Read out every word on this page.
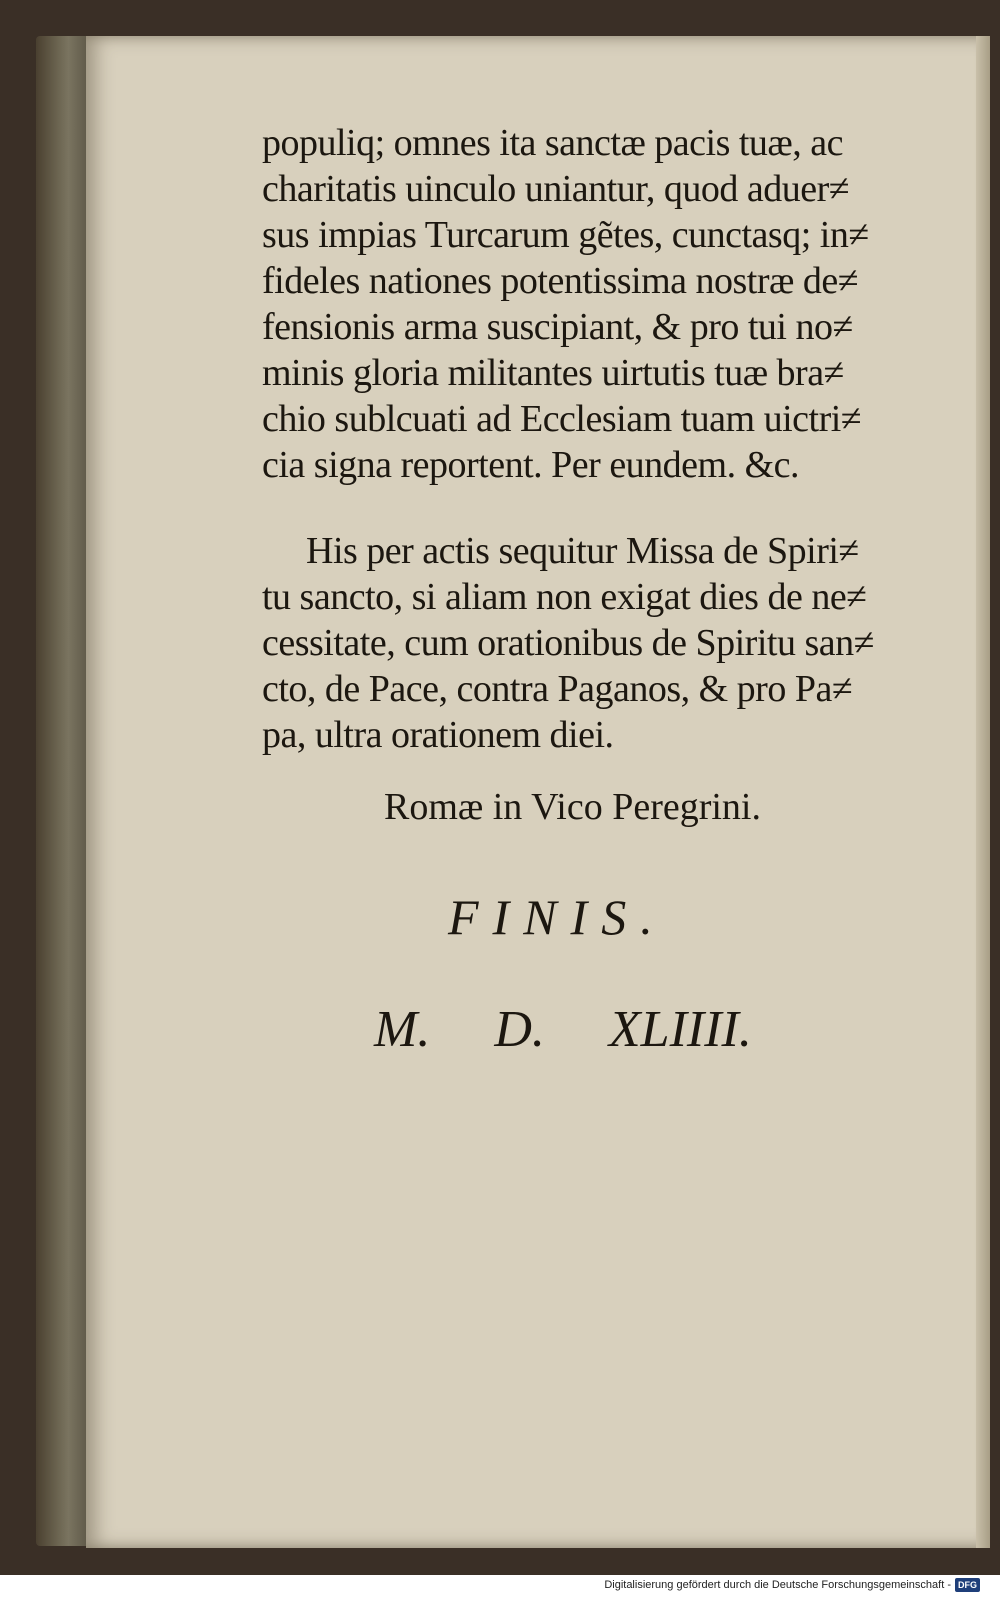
populiq; omnes ita sanctæ pacis tuæ, ac
charitatis uinculo uniantur, quod aduer≠
sus impias Turcarum gẽtes, cunctasq; in≠
fideles nationes potentissima nostræ de≠
fensionis arma suscipiant, & pro tui no≠
minis gloria militantes uirtutis tuæ bra≠
chio sublcuati ad Ecclesiam tuam uictri≠
cia signa reportent. Per eundem. &c.
His per actis sequitur Missa de Spiri≠
tu sancto, si aliam non exigat dies de ne≠
cessitate, cum orationibus de Spiritu san≠
cto, de Pace, contra Paganos, & pro Pa≠
pa, ultra orationem diei.
Romæ in Vico Peregrini.
FINIS.
M. D. XLIIII.
Digitalisierung gefördert durch die Deutsche Forschungsgemeinschaft - DFG
